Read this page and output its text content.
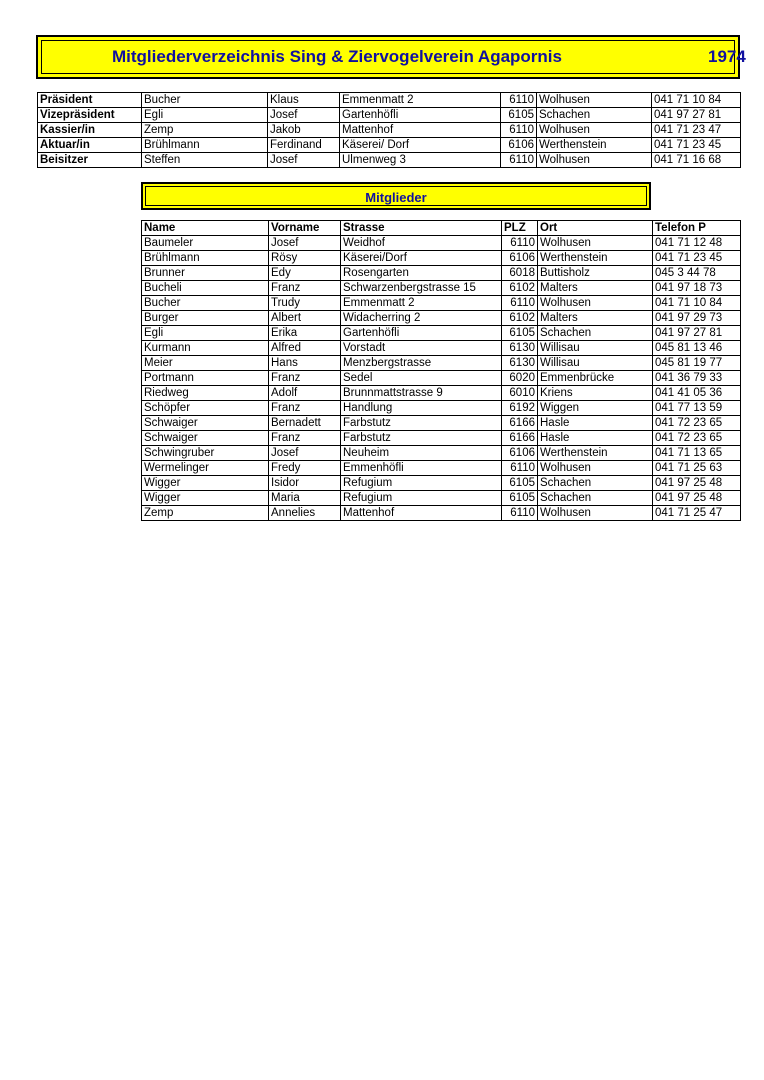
Mitgliederverzeichnis Sing & Ziervogelverein Agapornis	1974
Präsident	Bucher	Klaus	Emmenmatt 2	6110	Wolhusen	041 71 10 84
Vizepräsident	Egli	Josef	Gartenhöfli	6105	Schachen	041 97 27 81
Kassier/in	Zemp	Jakob	Mattenhof	6110	Wolhusen	041 71 23 47
Aktuar/in	Brühlmann	Ferdinand	Käserei/ Dorf	6106	Werthenstein	041 71 23 45
Beisitzer	Steffen	Josef	Ulmenweg 3	6110	Wolhusen	041 71 16 68
Mitglieder
Name	Vorname	Strasse	PLZ	Ort	Telefon P
Baumeler	Josef	Weidhof	6110	Wolhusen	041 71 12 48
Brühlmann	Rösy	Käserei/Dorf	6106	Werthenstein	041 71 23 45
Brunner	Edy	Rosengarten	6018	Buttisholz	045 3 44 78
Bucheli	Franz	Schwarzenbergstrasse 15	6102	Malters	041 97 18 73
Bucher	Trudy	Emmenmatt 2	6110	Wolhusen	041 71 10 84
Burger	Albert	Widacherring 2	6102	Malters	041 97 29 73
Egli	Erika	Gartenhöfli	6105	Schachen	041 97 27 81
Kurmann	Alfred	Vorstadt	6130	Willisau	045 81 13 46
Meier	Hans	Menzbergstrasse	6130	Willisau	045 81 19 77
Portmann	Franz	Sedel	6020	Emmenbrücke	041 36 79 33
Riedweg	Adolf	Brunnmattstrasse 9	6010	Kriens	041 41 05 36
Schöpfer	Franz	Handlung	6192	Wiggen	041 77 13 59
Schwaiger	Bernadett	Farbstutz	6166	Hasle	041 72 23 65
Schwaiger	Franz	Farbstutz	6166	Hasle	041 72 23 65
Schwingruber	Josef	Neuheim	6106	Werthenstein	041 71 13 65
Wermelinger	Fredy	Emmenhöfli	6110	Wolhusen	041 71 25 63
Wigger	Isidor	Refugium	6105	Schachen	041 97 25 48
Wigger	Maria	Refugium	6105	Schachen	041 97 25 48
Zemp	Annelies	Mattenhof	6110	Wolhusen	041 71 25 47
